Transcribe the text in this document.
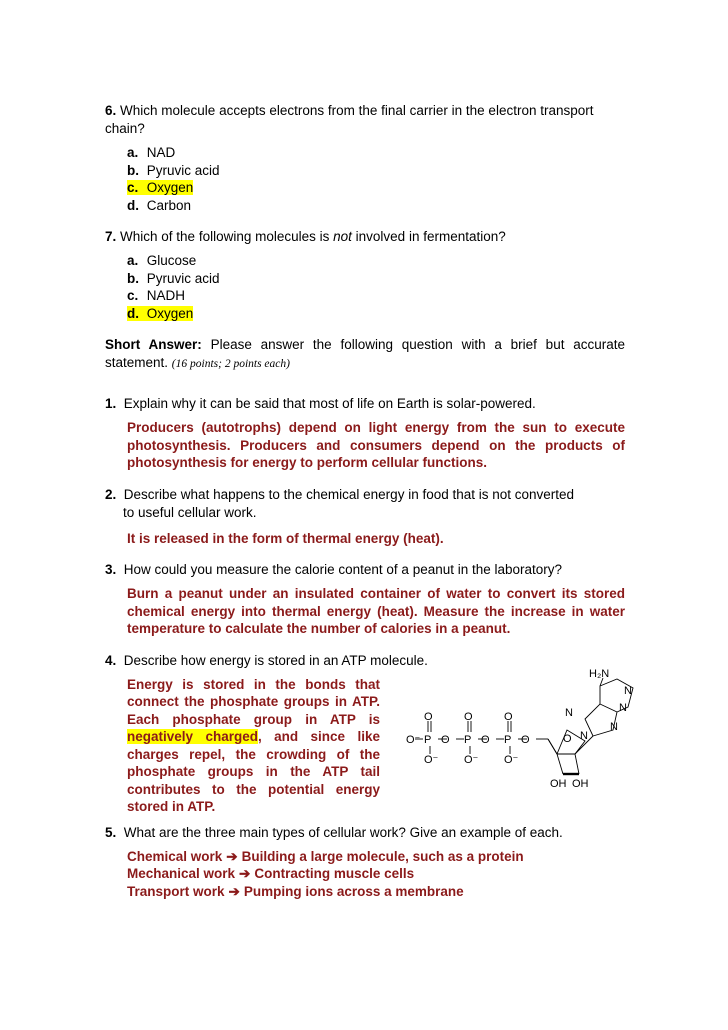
6. Which molecule accepts electrons from the final carrier in the electron transport chain?
a. NAD
b. Pyruvic acid
c. Oxygen
d. Carbon
7. Which of the following molecules is not involved in fermentation?
a. Glucose
b. Pyruvic acid
c. NADH
d. Oxygen
Short Answer: Please answer the following question with a brief but accurate statement. (16 points; 2 points each)
1. Explain why it can be said that most of life on Earth is solar-powered.
Producers (autotrophs) depend on light energy from the sun to execute photosynthesis. Producers and consumers depend on the products of photosynthesis for energy to perform cellular functions.
2. Describe what happens to the chemical energy in food that is not converted
to useful cellular work.
It is released in the form of thermal energy (heat).
3. How could you measure the calorie content of a peanut in the laboratory?
Burn a peanut under an insulated container of water to convert its stored chemical energy into thermal energy (heat). Measure the increase in water temperature to calculate the number of calories in a peanut.
4. Describe how energy is stored in an ATP molecule.
Energy is stored in the bonds that connect the phosphate groups in ATP. Each phosphate group in ATP is negatively charged, and since like charges repel, the crowding of the phosphate groups in the ATP tail contributes to the potential energy stored in ATP.
O⁻ P O P O P O
O	O	O
O⁻ O⁻ O⁻
O
OH OH
N
N
N
N
N
H₂N
5. What are the three main types of cellular work? Give an example of each.
Chemical work ➔ Building a large molecule, such as a protein
Mechanical work ➔ Contracting muscle cells
Transport work ➔ Pumping ions across a membrane
